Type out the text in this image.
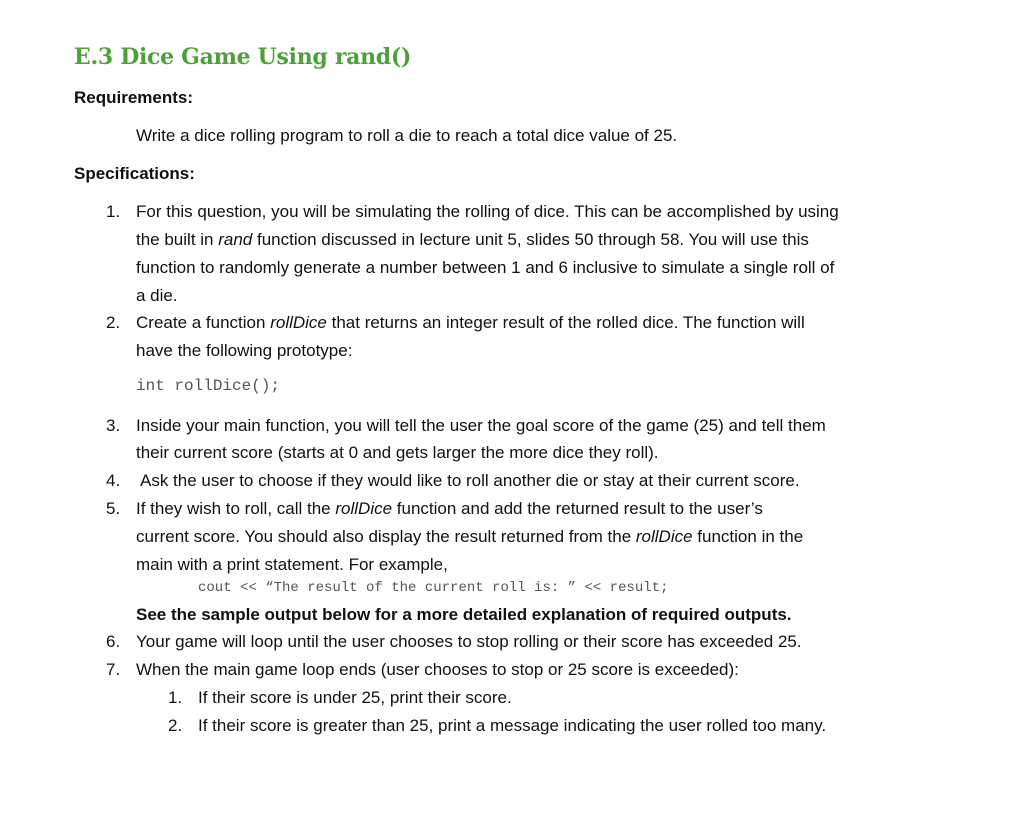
E.3 Dice Game Using rand()
Requirements:
Write a dice rolling program to roll a die to reach a total dice value of 25.
Specifications:
1. For this question, you will be simulating the rolling of dice. This can be accomplished by using
the built in rand function discussed in lecture unit 5, slides 50 through 58. You will use this
function to randomly generate a number between 1 and 6 inclusive to simulate a single roll of
a die.
2. Create a function rollDice that returns an integer result of the rolled dice. The function will
have the following prototype:
int rollDice();
3. Inside your main function, you will tell the user the goal score of the game (25) and tell them
their current score (starts at 0 and gets larger the more dice they roll).
4. Ask the user to choose if they would like to roll another die or stay at their current score.
5. If they wish to roll, call the rollDice function and add the returned result to the user’s
current score. You should also display the result returned from the rollDice function in the
main with a print statement. For example,
cout << “The result of the current roll is: ” << result;
See the sample output below for a more detailed explanation of required outputs.
6. Your game will loop until the user chooses to stop rolling or their score has exceeded 25.
7. When the main game loop ends (user chooses to stop or 25 score is exceeded):
1. If their score is under 25, print their score.
2. If their score is greater than 25, print a message indicating the user rolled too many.
